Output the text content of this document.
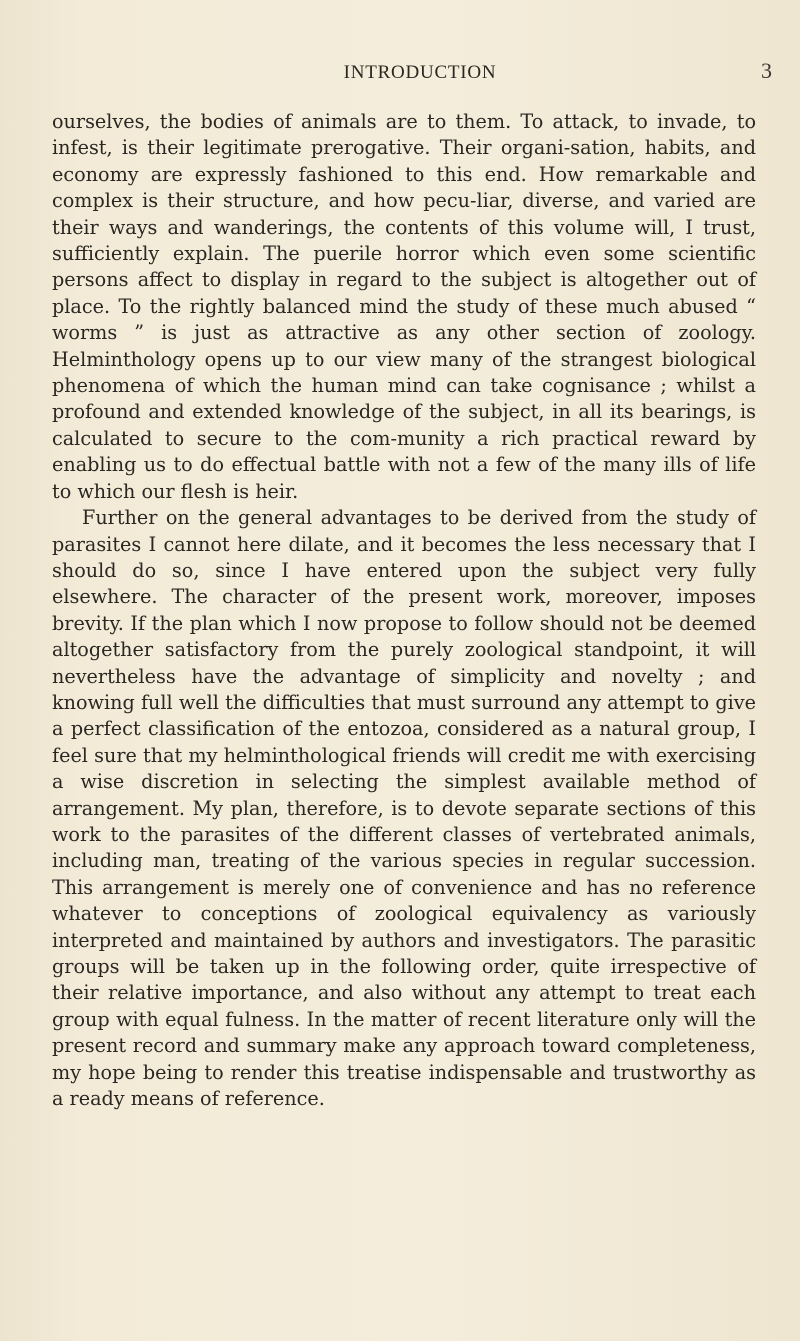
INTRODUCTION	3

ourselves, the bodies of animals are to them. To attack, to invade, to infest, is their legitimate prerogative. Their organi-sation, habits, and economy are expressly fashioned to this end. How remarkable and complex is their structure, and how pecu-liar, diverse, and varied are their ways and wanderings, the contents of this volume will, I trust, sufficiently explain. The puerile horror which even some scientific persons affect to display in regard to the subject is altogether out of place. To the rightly balanced mind the study of these much abused “ worms ” is just as attractive as any other section of zoology. Helminthology opens up to our view many of the strangest biological phenomena of which the human mind can take cognisance ; whilst a profound and extended knowledge of the subject, in all its bearings, is calculated to secure to the com-munity a rich practical reward by enabling us to do effectual battle with not a few of the many ills of life to which our flesh is heir.

Further on the general advantages to be derived from the study of parasites I cannot here dilate, and it becomes the less necessary that I should do so, since I have entered upon the subject very fully elsewhere. The character of the present work, moreover, imposes brevity. If the plan which I now propose to follow should not be deemed altogether satisfactory from the purely zoological standpoint, it will nevertheless have the advantage of simplicity and novelty ; and knowing full well the difficulties that must surround any attempt to give a perfect classification of the entozoa, considered as a natural group, I feel sure that my helminthological friends will credit me with exercising a wise discretion in selecting the simplest available method of arrangement. My plan, therefore, is to devote separate sections of this work to the parasites of the different classes of vertebrated animals, including man, treating of the various species in regular succession. This arrangement is merely one of convenience and has no reference whatever to conceptions of zoological equivalency as variously interpreted and maintained by authors and investigators. The parasitic groups will be taken up in the following order, quite irrespective of their relative importance, and also without any attempt to treat each group with equal fulness. In the matter of recent literature only will the present record and summary make any approach toward completeness, my hope being to render this treatise indispensable and trustworthy as a ready means of reference.
